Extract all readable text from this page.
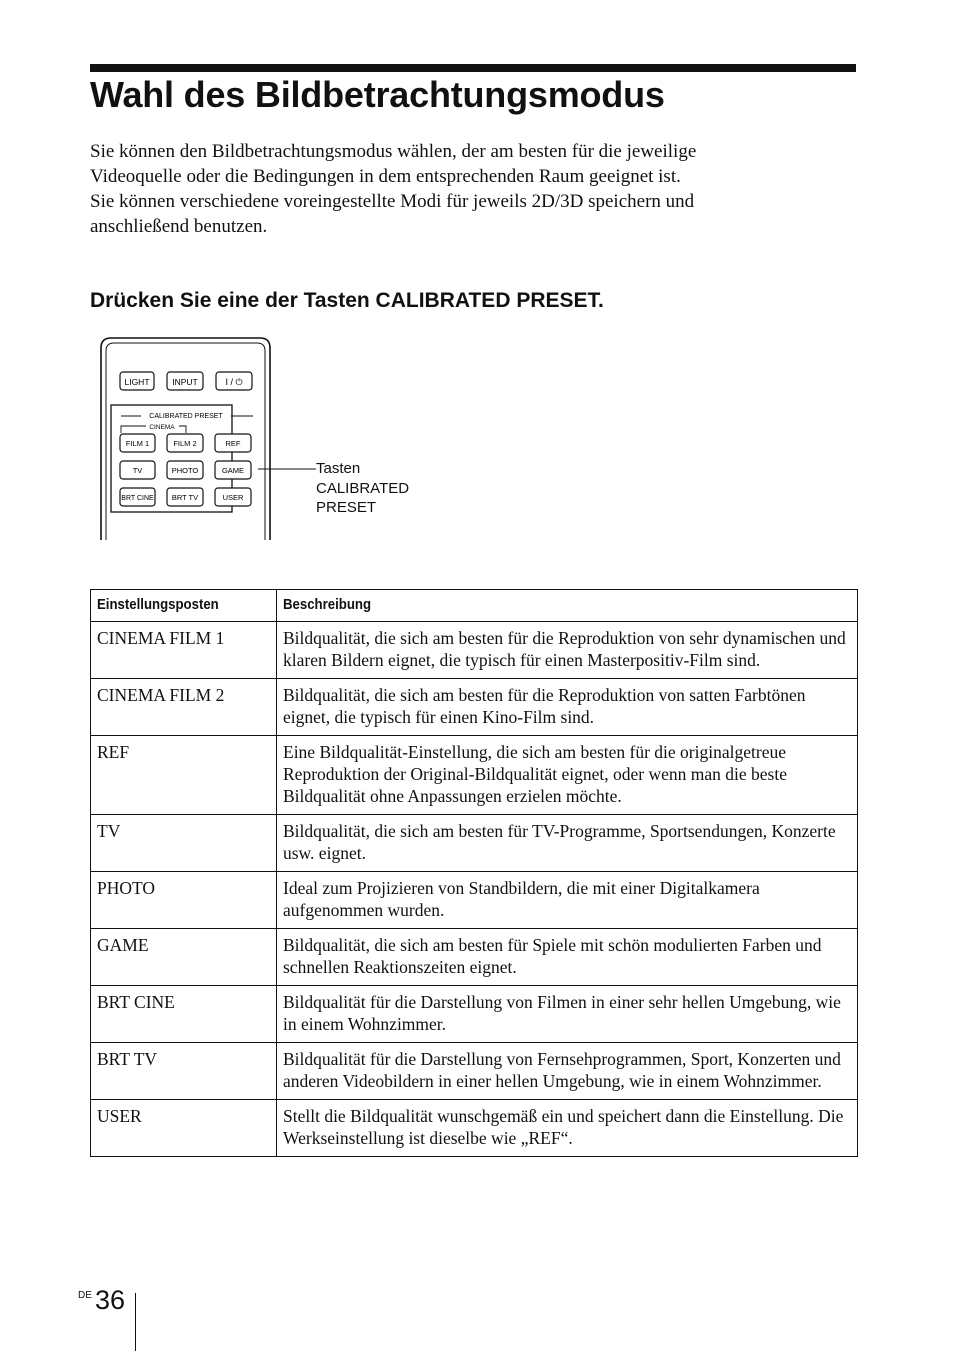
Wahl des Bildbetrachtungsmodus

Sie können den Bildbetrachtungsmodus wählen, der am besten für die jeweilige
Videoquelle oder die Bedingungen in dem entsprechenden Raum geeignet ist.
Sie können verschiedene voreingestellte Modi für jeweils 2D/3D speichern und
anschließend benutzen.

Drücken Sie eine der Tasten CALIBRATED PRESET.
LIGHT	INPUT	I / ⏻
CALIBRATED PRESET
CINEMA
FILM 1	FILM 2	REF
TV	PHOTO	GAME
BRT CINE BRT TV	USER
Tasten
CALIBRATED
PRESET
Einstellungsposten	Beschreibung
CINEMA FILM 1	Bildqualität, die sich am besten für die Reproduktion von sehr dynamischen und klaren Bildern eignet, die typisch für einen Masterpositiv-Film sind.
CINEMA FILM 2	Bildqualität, die sich am besten für die Reproduktion von satten Farbtönen eignet, die typisch für einen Kino-Film sind.
REF	Eine Bildqualität-Einstellung, die sich am besten für die originalgetreue Reproduktion der Original-Bildqualität eignet, oder wenn man die beste Bildqualität ohne Anpassungen erzielen möchte.
TV	Bildqualität, die sich am besten für TV-Programme, Sportsendungen, Konzerte usw. eignet.
PHOTO	Ideal zum Projizieren von Standbildern, die mit einer Digitalkamera aufgenommen wurden.
GAME	Bildqualität, die sich am besten für Spiele mit schön modulierten Farben und schnellen Reaktionszeiten eignet.
BRT CINE	Bildqualität für die Darstellung von Filmen in einer sehr hellen Umgebung, wie in einem Wohnzimmer.
BRT TV	Bildqualität für die Darstellung von Fernsehprogrammen, Sport, Konzerten und anderen Videobildern in einer hellen Umgebung, wie in einem Wohnzimmer.
USER	Stellt die Bildqualität wunschgemäß ein und speichert dann die Einstellung. Die Werkseinstellung ist dieselbe wie „REF“.
DE 36
